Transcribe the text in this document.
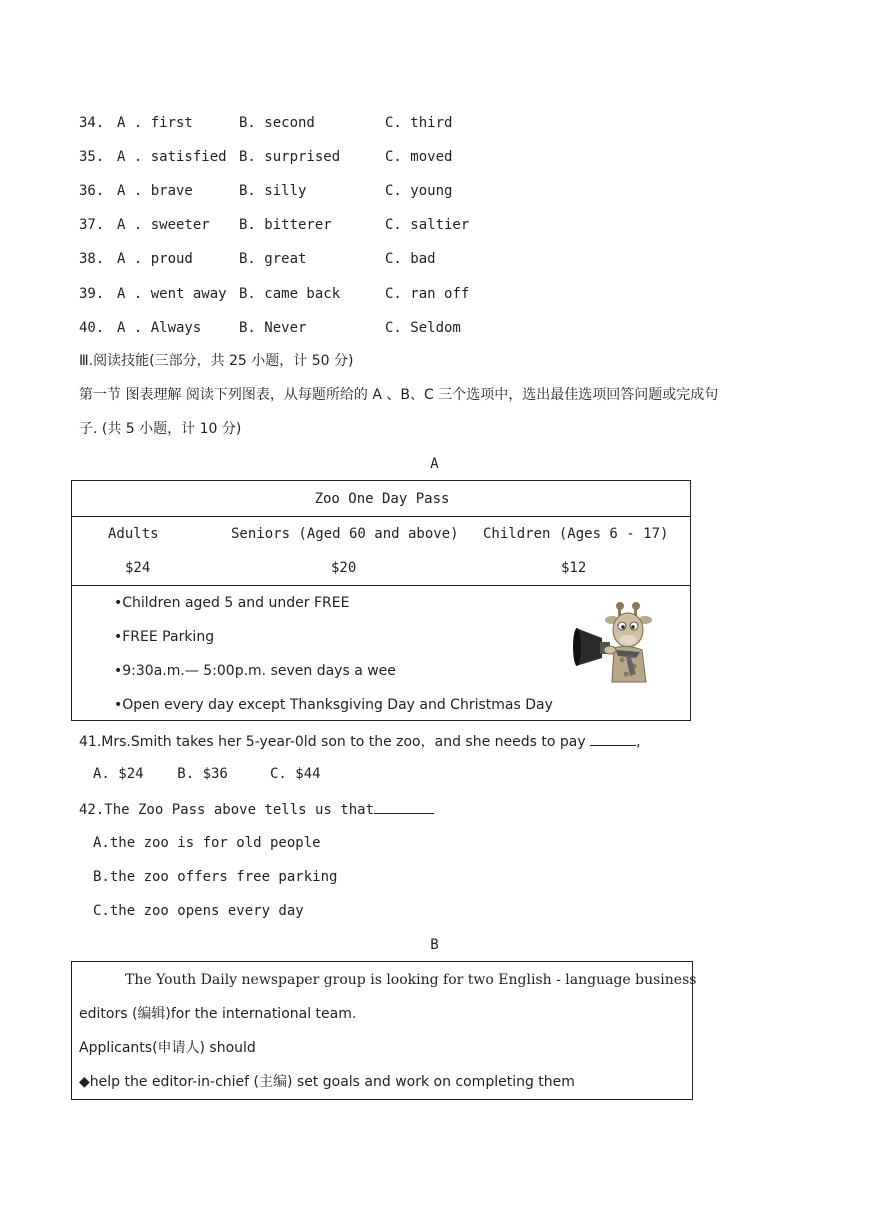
34. A . first	B. second	C. third
35. A . satisfied B. surprised	C. moved
36. A . brave	B. silly	C. young
37. A . sweeter B. bitterer	C. saltier
38. A . proud	B. great	C. bad
39. A . went away B. came back	C. ran off
40. A . Always	B. Never	C. Seldom
Ⅲ.阅读技能(三部分，共 25 小题，计 50 分)
第一节 图表理解 阅读下列图表，从每题所给的 A 、B、C 三个选项中，选出最佳选项回答问题或完成句
子. (共 5 小题，计 10 分)
A
Zoo One Day Pass
Adults	Seniors (Aged 60 and above) Children (Ages 6 - 17)
$24	$20	$12
•Children aged 5 and under FREE
•FREE Parking
•9:30a.m.— 5:00p.m. seven days a wee
•Open every day except Thanksgiving Day and Christmas Day
41.Mrs.Smith takes her 5-year-0ld son to the zoo，and she needs to pay	,
A. $24    B. $36     C. $44
42.The Zoo Pass above tells us that
A.the zoo is for old people
B.the zoo offers free parking
C.the zoo opens every day
B
The Youth Daily newspaper group is looking for two English - language business
editors (编辑)for the international team.
Applicants(申请人) should
◆help the editor-in-chief (主编) set goals and work on completing them
